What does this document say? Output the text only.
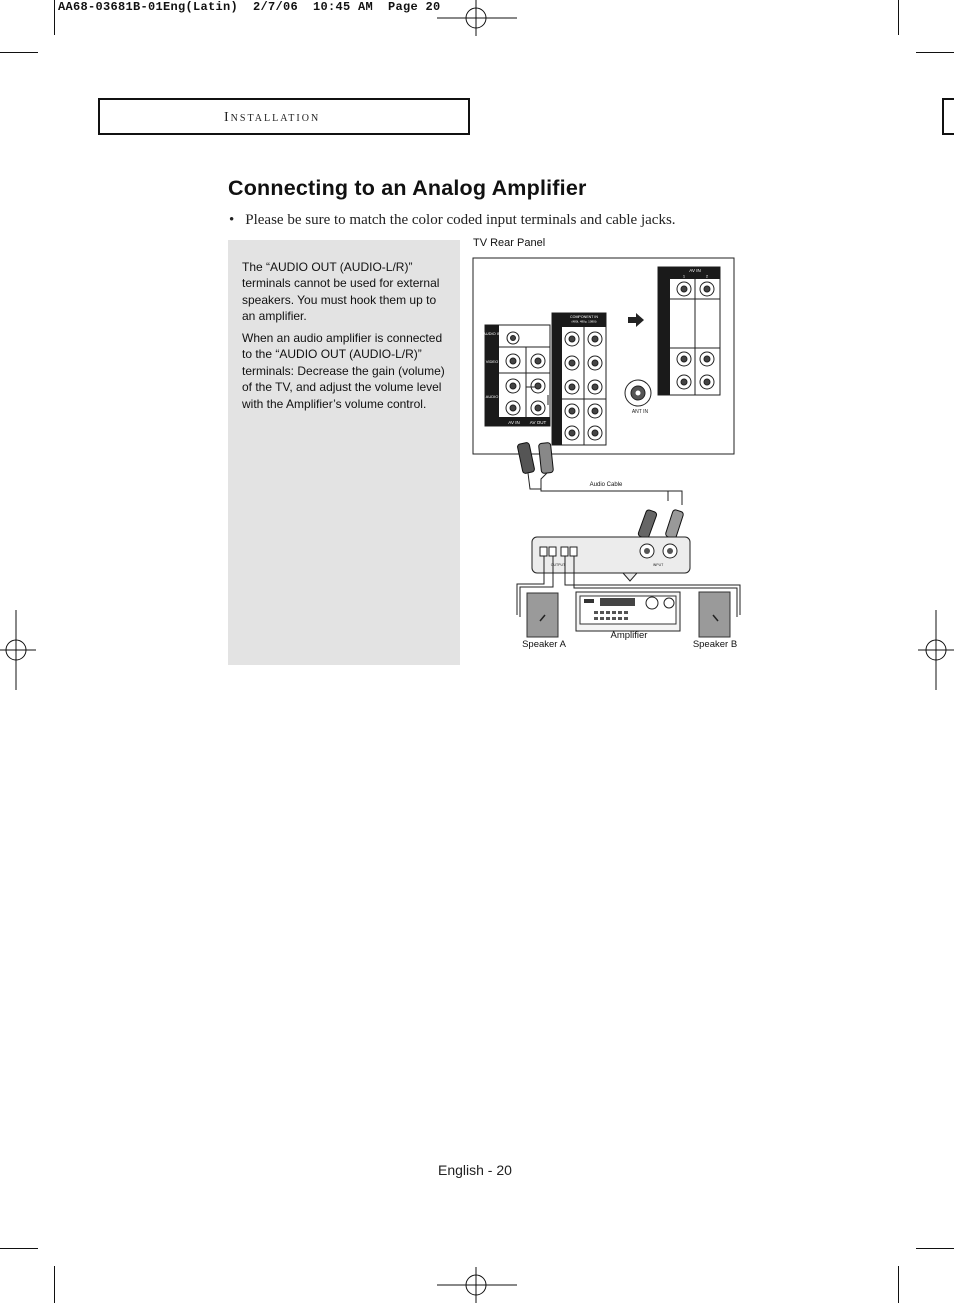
AA68-03681B-01Eng(Latin)  2/7/06  10:45 AM  Page 20
Installation
Connecting to an Analog Amplifier
• Please be sure to match the color coded input terminals and cable jacks.

The “AUDIO OUT (AUDIO-L/R)” terminals cannot be used for external speakers. You must hook them up to an amplifier.

When an audio amplifier is connected to the “AUDIO OUT (AUDIO-L/R)” terminals: Decrease the gain (volume) of the TV, and adjust the volume level with the Amplifier’s volume control.

TV Rear Panel
AUDIO IN
VIDEO
AUDIO
AV IN AV OUT
COMPONENT IN
(480i, 480p, 1080i)
ANT IN
AV IN
1	2
Audio Cable
OUTPUT	INPUT
Speaker A
Amplifier
Speaker B
English - 20
